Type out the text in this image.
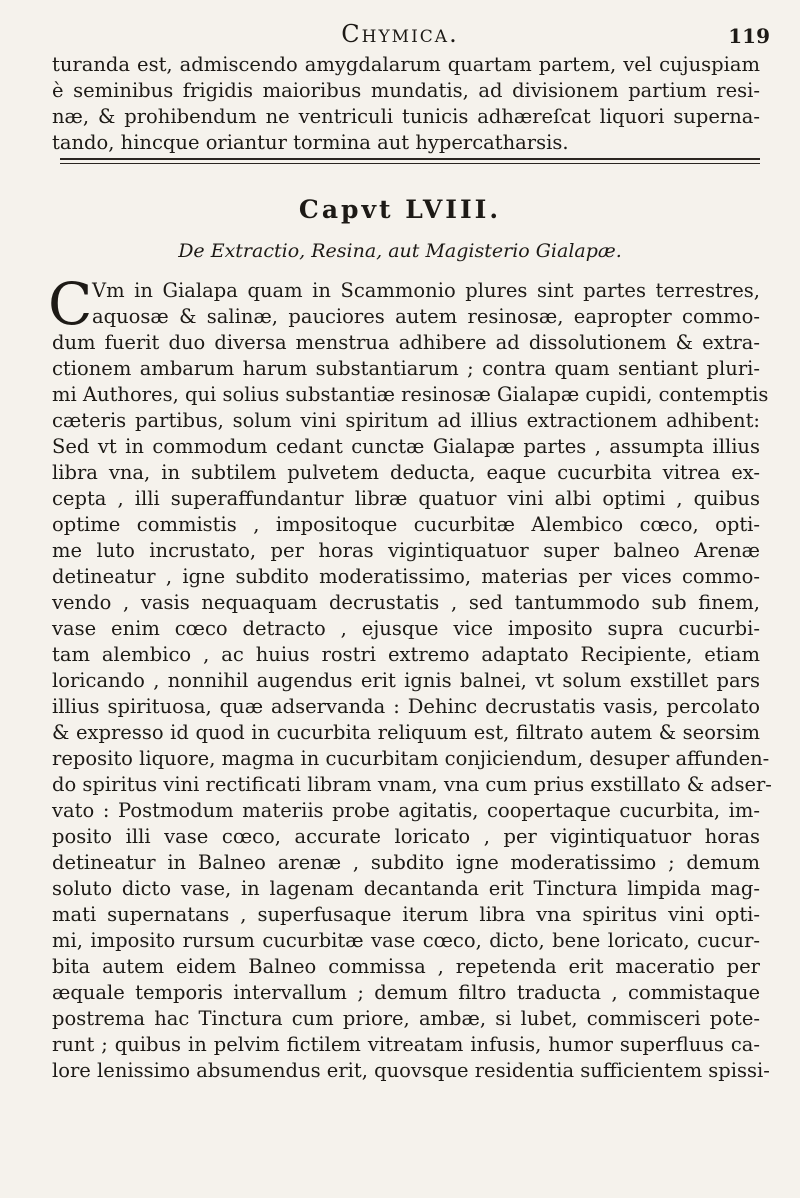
Chymica.	119
turanda est, admiscendo amygdalarum quartam partem, vel cujuspiam
è seminibus frigidis maioribus mundatis, ad divisionem partium resi-
næ, & prohibendum ne ventriculi tunicis adhæreſcat liquori superna-
tando, hincque oriantur tormina aut hypercatharsis.
Capvt LVIII.
De Extractio, Resina, aut Magisterio Gialapæ.
C Vm in Gialapa quam in Scammonio plures sint partes terrestres,
aquosæ & salinæ, pauciores autem resinosæ, eapropter commo-
dum fuerit duo diversa menstrua adhibere ad dissolutionem & extra-
ctionem ambarum harum substantiarum ; contra quam sentiant pluri-
mi Authores, qui solius substantiæ resinosæ Gialapæ cupidi, contemptis
cæteris partibus, solum vini spiritum ad illius extractionem adhibent:
Sed vt in commodum cedant cunctæ Gialapæ partes , assumpta illius
libra vna, in subtilem pulvetem deducta, eaque cucurbita vitrea ex-
cepta , illi superaffundantur libræ quatuor vini albi optimi , quibus
optime commistis , impositoque cucurbitæ Alembico cœco, opti-
me luto incrustato, per horas vigintiquatuor super balneo Arenæ
detineatur , igne subdito moderatissimo, materias per vices commo-
vendo , vasis nequaquam decrustatis , sed tantummodo sub finem,
vase enim cœco detracto , ejusque vice imposito supra cucurbi-
tam alembico , ac huius rostri extremo adaptato Recipiente, etiam
loricando , nonnihil augendus erit ignis balnei, vt solum exstillet pars
illius spirituosa, quæ adservanda : Dehinc decrustatis vasis, percolato
& expresso id quod in cucurbita reliquum est, filtrato autem & seorsim
reposito liquore, magma in cucurbitam conjiciendum, desuper affunden-
do spiritus vini rectificati libram vnam, vna cum prius exstillato & adser-
vato : Postmodum materiis probe agitatis, coopertaque cucurbita, im-
posito illi vase cœco, accurate loricato , per vigintiquatuor horas
detineatur in Balneo arenæ , subdito igne moderatissimo ; demum
soluto dicto vase, in lagenam decantanda erit Tinctura limpida mag-
mati supernatans , superfusaque iterum libra vna spiritus vini opti-
mi, imposito rursum cucurbitæ vase cœco, dicto, bene loricato, cucur-
bita autem eidem Balneo commissa , repetenda erit maceratio per
æquale temporis intervallum ; demum filtro traducta , commistaque
postrema hac Tinctura cum priore, ambæ, si lubet, commisceri pote-
runt ; quibus in pelvim fictilem vitreatam infusis, humor superfluus ca-
lore lenissimo absumendus erit, quovsque residentia sufficientem spissi-
